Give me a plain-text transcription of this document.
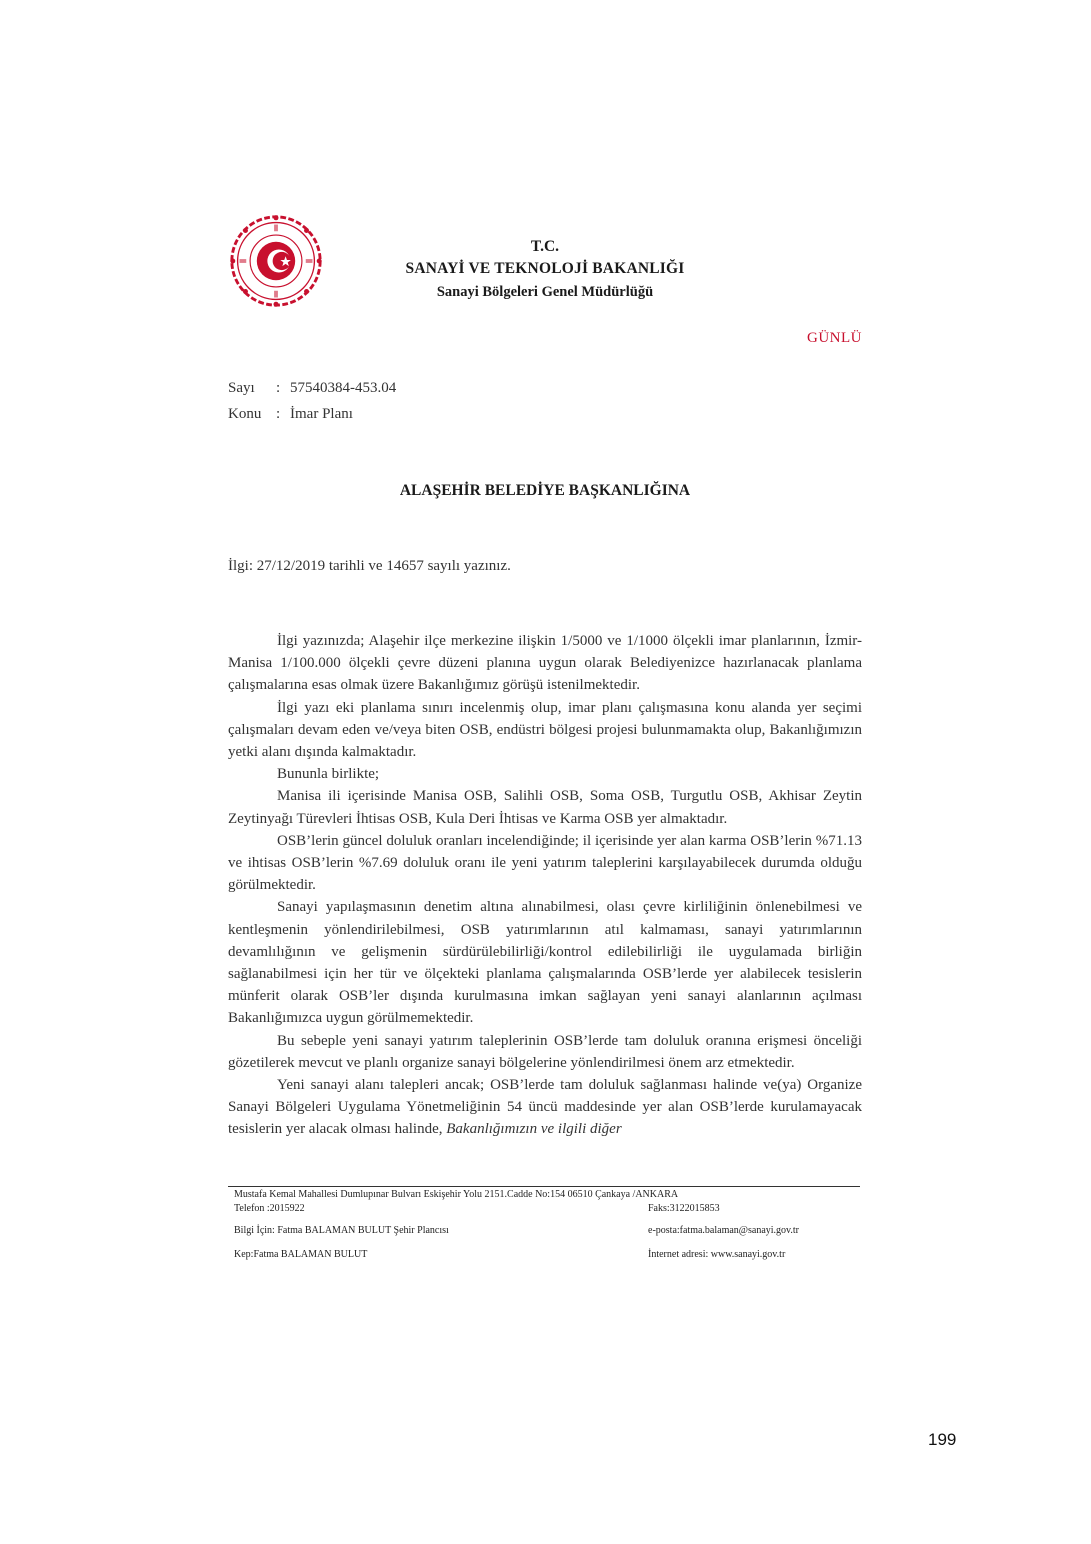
T.C.
SANAYİ VE TEKNOLOJİ BAKANLIĞI
Sanayi Bölgeleri Genel Müdürlüğü
GÜNLÜ
Sayı : 57540384-453.04
Konu : İmar Planı
ALAŞEHİR BELEDİYE BAŞKANLIĞINA
İlgi: 27/12/2019 tarihli ve 14657 sayılı yazınız.

İlgi yazınızda; Alaşehir ilçe merkezine ilişkin 1/5000 ve 1/1000 ölçekli imar planlarının, İzmir-Manisa 1/100.000 ölçekli çevre düzeni planına uygun olarak Belediyenizce hazırlanacak planlama çalışmalarına esas olmak üzere Bakanlığımız görüşü istenilmektedir.

İlgi yazı eki planlama sınırı incelenmiş olup, imar planı çalışmasına konu alanda yer seçimi çalışmaları devam eden ve/veya biten OSB, endüstri bölgesi projesi bulunmamakta olup, Bakanlığımızın yetki alanı dışında kalmaktadır.

Bununla birlikte;

Manisa ili içerisinde Manisa OSB, Salihli OSB, Soma OSB, Turgutlu OSB, Akhisar Zeytin Zeytinyağı Türevleri İhtisas OSB, Kula Deri İhtisas ve Karma OSB yer almaktadır.

OSB’lerin güncel doluluk oranları incelendiğinde; il içerisinde yer alan karma OSB’lerin %71.13 ve ihtisas OSB’lerin %7.69 doluluk oranı ile yeni yatırım taleplerini karşılayabilecek durumda olduğu görülmektedir.

Sanayi yapılaşmasının denetim altına alınabilmesi, olası çevre kirliliğinin önlenebilmesi ve kentleşmenin yönlendirilebilmesi, OSB yatırımlarının atıl kalmaması, sanayi yatırımlarının devamlılığının ve gelişmenin sürdürülebilirliği/kontrol edilebilirliği ile uygulamada birliğin sağlanabilmesi için her tür ve ölçekteki planlama çalışmalarında OSB’lerde yer alabilecek tesislerin münferit olarak OSB’ler dışında kurulmasına imkan sağlayan yeni sanayi alanlarının açılması Bakanlığımızca uygun görülmemektedir.

Bu sebeple yeni sanayi yatırım taleplerinin OSB’lerde tam doluluk oranına erişmesi önceliği gözetilerek mevcut ve planlı organize sanayi bölgelerine yönlendirilmesi önem arz etmektedir.

Yeni sanayi alanı talepleri ancak; OSB’lerde tam doluluk sağlanması halinde ve(ya) Organize Sanayi Bölgeleri Uygulama Yönetmeliğinin 54 üncü maddesinde yer alan OSB’lerde kurulamayacak tesislerin yer alacak olması halinde, Bakanlığımızın ve ilgili diğer

Mustafa Kemal Mahallesi Dumlupınar Bulvarı Eskişehir Yolu 2151.Cadde No:154 06510 Çankaya /ANKARA
Telefon :2015922	Faks:3122015853
Bilgi İçin: Fatma BALAMAN BULUT Şehir Plancısı	e-posta:fatma.balaman@sanayi.gov.tr
Kep:Fatma BALAMAN BULUT	İnternet adresi: www.sanayi.gov.tr
199
